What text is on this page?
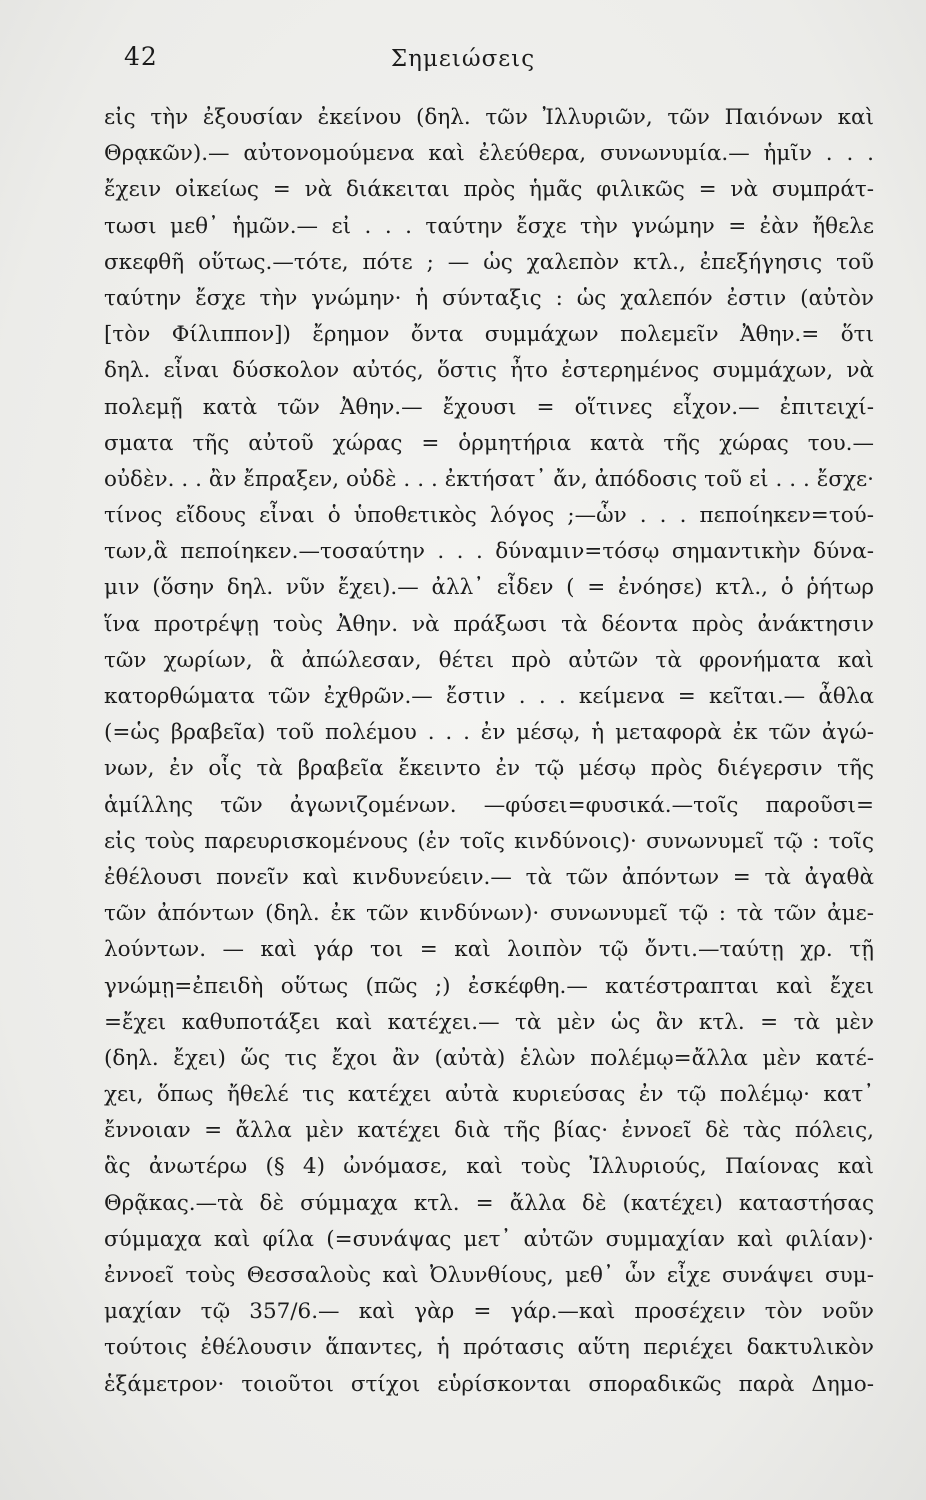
42	Σημειώσεις
εἰς τὴν ἐξουσίαν ἐκείνου (δηλ. τῶν Ἰλλυριῶν, τῶν Παιόνων καὶ
Θρᾳκῶν).— αὐτονομούμενα καὶ ἐλεύθερα, συνωνυμία.— ἡμῖν . . .
ἔχειν οἰκείως = νὰ διάκειται πρὸς ἡμᾶς φιλικῶς = νὰ συμπράτ-
τωσι μεθ᾽ ἡμῶν.— εἰ . . . ταύτην ἔσχε τὴν γνώμην = ἐὰν ἤθελε
σκεφθῆ οὕτως.—τότε, πότε ; — ὡς χαλεπὸν κτλ., ἐπεξήγησις τοῦ
ταύτην ἔσχε τὴν γνώμην· ἡ σύνταξις : ὡς χαλεπόν ἐστιν (αὐτὸν
[τὸν Φίλιππον]) ἔρημον ὄντα συμμάχων πολεμεῖν Ἀθην.= ὅτι
δηλ. εἶναι δύσκολον αὐτός, ὅστις ἦτο ἐστερημένος συμμάχων, νὰ
πολεμῇ κατὰ τῶν Ἀθην.— ἔχουσι = οἵτινες εἶχον.— ἐπιτειχί-
σματα τῆς αὐτοῦ χώρας = ὁρμητήρια κατὰ τῆς χώρας του.—
οὐδὲν. . . ἂν ἔπραξεν, οὐδὲ . . . ἐκτήσατ᾽ ἄν, ἀπόδοσις τοῦ εἰ . . . ἔσχε·
τίνος εἴδους εἶναι ὁ ὑποθετικὸς λόγος ;—ὧν . . . πεποίηκεν=τού-
των,ἃ πεποίηκεν.—τοσαύτην . . . δύναμιν=τόσῳ σημαντικὴν δύνα-
μιν (ὅσην δηλ. νῦν ἔχει).— ἀλλ᾽ εἶδεν ( = ἐνόησε) κτλ., ὁ ῥήτωρ
ἵνα προτρέψῃ τοὺς Ἀθην. νὰ πράξωσι τὰ δέοντα πρὸς ἀνάκτησιν
τῶν χωρίων, ἃ ἀπώλεσαν, θέτει πρὸ αὐτῶν τὰ φρονήματα καὶ
κατορθώματα τῶν ἐχθρῶν.— ἔστιν . . . κείμενα = κεῖται.— ἆθλα
(=ὡς βραβεῖα) τοῦ πολέμου . . . ἐν μέσῳ, ἡ μεταφορὰ ἐκ τῶν ἀγώ-
νων, ἐν οἷς τὰ βραβεῖα ἔκειντο ἐν τῷ μέσῳ πρὸς διέγερσιν τῆς
ἁμίλλης τῶν ἀγωνιζομένων. —φύσει=φυσικά.—τοῖς παροῦσι=
εἰς τοὺς παρευρισκομένους (ἐν τοῖς κινδύνοις)· συνωνυμεῖ τῷ : τοῖς
ἐθέλουσι πονεῖν καὶ κινδυνεύειν.— τὰ τῶν ἀπόντων = τὰ ἀγαθὰ
τῶν ἀπόντων (δηλ. ἐκ τῶν κινδύνων)· συνωνυμεῖ τῷ : τὰ τῶν ἀμε-
λούντων. — καὶ γάρ τοι = καὶ λοιπὸν τῷ ὄντι.—ταύτῃ χρ. τῇ
γνώμῃ=ἐπειδὴ οὕτως (πῶς ;) ἐσκέφθη.— κατέστραπται καὶ ἔχει
=ἔχει καθυποτάξει καὶ κατέχει.— τὰ μὲν ὡς ἂν κτλ. = τὰ μὲν
(δηλ. ἔχει) ὥς τις ἔχοι ἂν (αὐτὰ) ἑλὼν πολέμῳ=ἄλλα μὲν κατέ-
χει, ὅπως ἤθελέ τις κατέχει αὐτὰ κυριεύσας ἐν τῷ πολέμῳ· κατ᾽
ἔννοιαν = ἄλλα μὲν κατέχει διὰ τῆς βίας· ἐννοεῖ δὲ τὰς πόλεις,
ἃς ἀνωτέρω (§ 4) ὠνόμασε, καὶ τοὺς Ἰλλυριούς, Παίονας καὶ
Θρᾷκας.—τὰ δὲ σύμμαχα κτλ. = ἄλλα δὲ (κατέχει) καταστήσας
σύμμαχα καὶ φίλα (=συνάψας μετ᾽ αὐτῶν συμμαχίαν καὶ φιλίαν)·
ἐννοεῖ τοὺς Θεσσαλοὺς καὶ Ὀλυνθίους, μεθ᾽ ὧν εἶχε συνάψει συμ-
μαχίαν τῷ 357/6.— καὶ γὰρ = γάρ.—καὶ προσέχειν τὸν νοῦν
τούτοις ἐθέλουσιν ἅπαντες, ἡ πρότασις αὕτη περιέχει δακτυλικὸν
ἑξάμετρον· τοιοῦτοι στίχοι εὑρίσκονται σποραδικῶς παρὰ Δημο-
